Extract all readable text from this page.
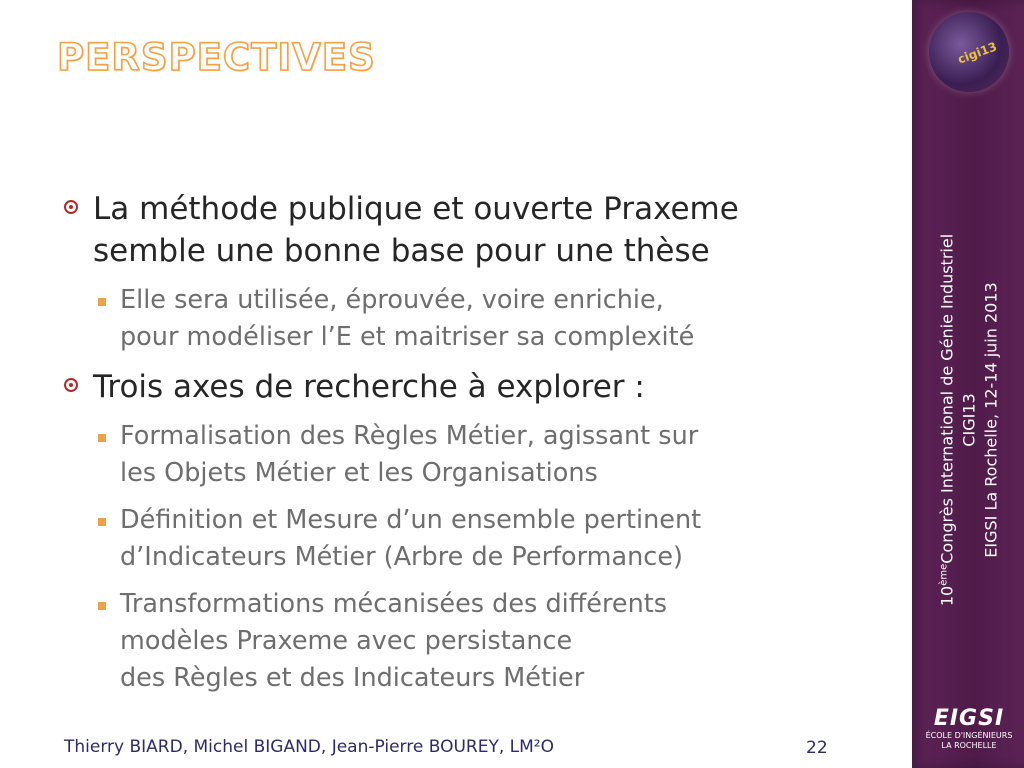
PERSPECTIVES

La méthode publique et ouverte Praxeme

semble une bonne base pour une thèse

Elle sera utilisée, éprouvée, voire enrichie,

pour modéliser l’E et maitriser sa complexité

Trois axes de recherche à explorer :

Formalisation des Règles Métier, agissant sur

les Objets Métier et les Organisations

Définition et Mesure d’un ensemble pertinent

d’Indicateurs Métier (Arbre de Performance)

Transformations mécanisées des différents

modèles Praxeme avec persistance

des Règles et des Indicateurs Métier

Thierry BIARD, Michel BIGAND, Jean-Pierre BOUREY, LM²O	22
cigi13
10èmeCongrès International de Génie Industriel CIGI13 EIGSI La Rochelle, 12-14 juin 2013
EIGSI
ÉCOLE D'INGÉNIEURS
LA ROCHELLE
